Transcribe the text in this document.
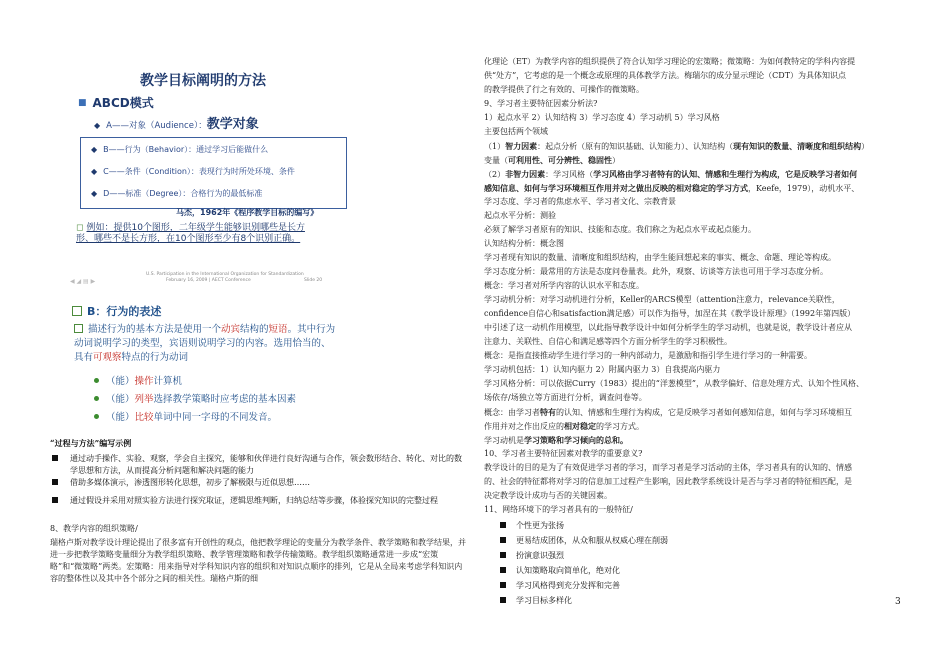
教学目标阐明的方法
■ ABCD模式
◆ A——对象（Audience）：教学对象
◆ B——行为（Behavior）：通过学习后能做什么
◆ C——条件（Condition）：表现行为时所处环境、条件
◆ D——标准（Degree）：合格行为的最低标准
马杰，1962年《程序教学目标的编写》
◻ 例如：提供10个图形，二年级学生能够识别哪些是长方形、哪些不是长方形，在10个图形至少有8个识别正确。
◀ ◢ ▤ ▶
U.S. Participation in the International Organization for Standardization
February 16, 2009 | AECT Conference	Slide 20
B：行为的表述
描述行为的基本方法是使用一个动宾结构的短语。其中行为动词说明学习的类型，宾语则说明学习的内容。选用恰当的、具有可观察特点的行为动词
（能）操作计算机
（能）列举选择教学策略时应考虑的基本因素
（能）比较单词中同一字母的不同发音。
“过程与方法”编写示例
通过动手操作、实验、观察，学会自主探究，能够和伙伴进行良好沟通与合作，领会数形结合、转化、对比的数学思想和方法，从而提高分析问题和解决问题的能力
借助多媒体演示，渗透图形转化思想，初步了解极限与近似思想……
通过假设并采用对照实验方法进行探究取证，逻辑思维判断，归纳总结等步骤，体验探究知识的完整过程
8、教学内容的组织策略/
瑞格卢斯对教学设计理论提出了很多富有开创性的观点，他把教学理论的变量分为教学条件、教学策略和教学结果，并进一步把教学策略变量细分为教学组织策略、教学管理策略和教学传输策略。教学组织策略通常进一步成“宏策略”和“微策略”两类。宏策略：用来指导对学科知识内容的组织和对知识点顺序的排列，它是从全局来考虑学科知识内容的整体性以及其中各个部分之间的相关性。瑞格卢斯的细
化理论（ET）为教学内容的组织提供了符合认知学习理论的宏策略；微策略：为如何教特定的学科内容提
供“处方”，它考虑的是一个概念或原理的具体教学方法。梅瑞尔的成分显示理论（CDT）为具体知识点
的教学提供了行之有效的、可操作的微策略。
9、学习者主要特征因素分析法?
1）起点水平 2）认知结构 3）学习态度 4）学习动机 5）学习风格
主要包括两个领域
（1）智力因素：起点分析（原有的知识基础、认知能力）、认知结构（现有知识的数量、清晰度和组织结构）
变量（可利用性、可分辨性、稳固性）
（2）非智力因素：学习风格（学习风格由学习者特有的认知、情感和生理行为构成，它是反映学习者如何
感知信息、如何与学习环境相互作用并对之做出反映的相对稳定的学习方式，Keefe，1979），动机水平、
学习态度、学习者的焦虑水平、学习者文化、宗教背景
起点水平分析：测验
必须了解学习者原有的知识、技能和态度。我们称之为起点水平或起点能力。
认知结构分析：概念图
学习者现有知识的数量、清晰度和组织结构，由学生能回想起来的事实、概念、命题、理论等构成。
学习态度分析：最常用的方法是态度问卷量表。此外，观察、访谈等方法也可用于学习态度分析。
概念：学习者对所学内容的认识水平和态度。
学习动机分析：对学习动机进行分析，Keller的ARCS模型（attention注意力，relevance关联性，
confidence自信心和satisfaction满足感）可以作为指导，加涅在其《教学设计原理》（1992年第四版）
中引述了这一动机作用模型，以此指导教学设计中如何分析学生的学习动机，也就是说，教学设计者应从
注意力、关联性、自信心和满足感等四个方面分析学生的学习积极性。
概念：是指直接推动学生进行学习的一种内部动力，是激励和指引学生进行学习的一种需要。
学习动机包括：1）认知内驱力 2）附属内驱力 3）自我提高内驱力
学习风格分析：可以依据Curry（1983）提出的“洋葱模型”，从教学偏好、信息处理方式、认知个性风格、
场依存/场独立等方面进行分析，调查问卷等。
概念：由学习者特有的认知、情感和生理行为构成，它是反映学习者如何感知信息，如何与学习环境相互
作用并对之作出反应的相对稳定的学习方式。
学习动机是学习策略和学习倾向的总和。
10、学习者主要特征因素对教学的重要意义?
教学设计的目的是为了有效促进学习者的学习，而学习者是学习活动的主体，学习者具有的认知的、情感
的、社会的特征都将对学习的信息加工过程产生影响，因此教学系统设计是否与学习者的特征相匹配，是
决定教学设计成功与否的关键因素。
11、网络环境下的学习者具有的一般特征/
个性更为张扬
更易结成团体，从众和服从权威心理在削弱
扮演意识强烈
认知策略取向简单化，绝对化
学习风格得到充分发挥和完善
学习目标多样化	3
